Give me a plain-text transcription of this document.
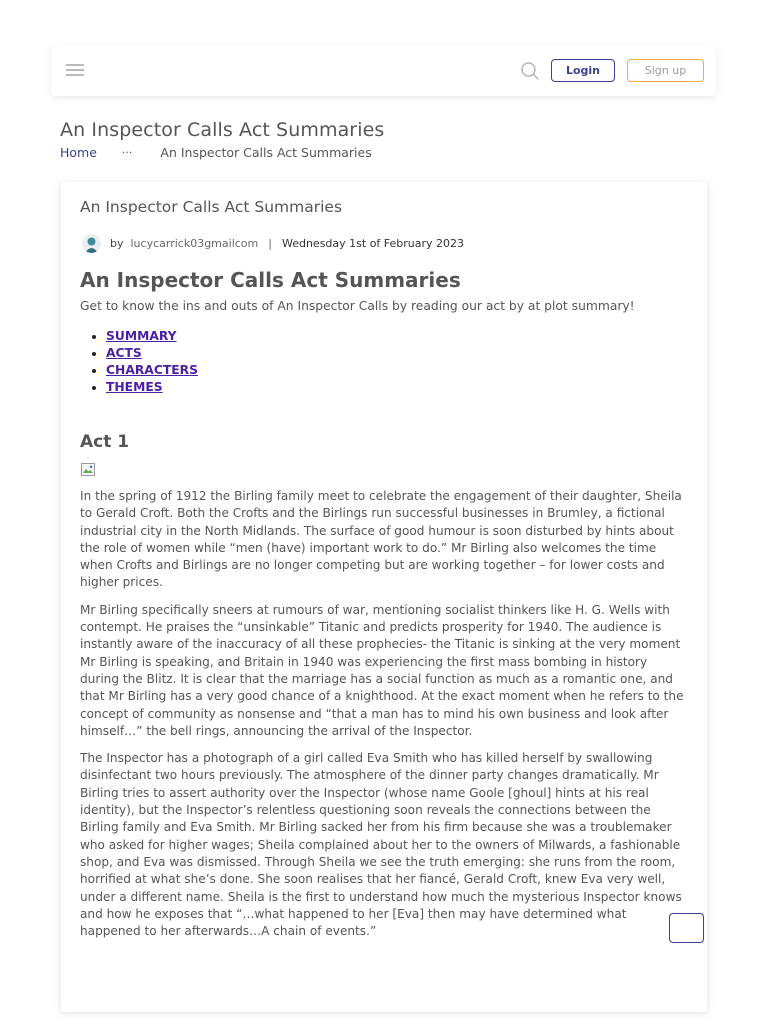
Login	Sign up
An Inspector Calls Act Summaries
Home ··· An Inspector Calls Act Summaries
An Inspector Calls Act Summaries
by lucycarrick03gmailcom | Wednesday 1st of February 2023
An Inspector Calls Act Summaries

Get to know the ins and outs of An Inspector Calls by reading our act by at plot summary!

• SUMMARY
• ACTS
• CHARACTERS
• THEMES
Act 1

In the spring of 1912 the Birling family meet to celebrate the engagement of their daughter, Sheila to Gerald Croft. Both the Crofts and the Birlings run successful businesses in Brumley, a fictional industrial city in the North Midlands. The surface of good humour is soon disturbed by hints about the role of women while “men (have) important work to do.” Mr Birling also welcomes the time when Crofts and Birlings are no longer competing but are working together – for lower costs and higher prices.

Mr Birling specifically sneers at rumours of war, mentioning socialist thinkers like H. G. Wells with contempt. He praises the “unsinkable” Titanic and predicts prosperity for 1940. The audience is instantly aware of the inaccuracy of all these prophecies- the Titanic is sinking at the very moment Mr Birling is speaking, and Britain in 1940 was experiencing the first mass bombing in history during the Blitz. It is clear that the marriage has a social function as much as a romantic one, and that Mr Birling has a very good chance of a knighthood. At the exact moment when he refers to the concept of community as nonsense and “that a man has to mind his own business and look after himself…” the bell rings, announcing the arrival of the Inspector.

The Inspector has a photograph of a girl called Eva Smith who has killed herself by swallowing disinfectant two hours previously. The atmosphere of the dinner party changes dramatically. Mr Birling tries to assert authority over the Inspector (whose name Goole [ghoul] hints at his real identity), but the Inspector’s relentless questioning soon reveals the connections between the Birling family and Eva Smith. Mr Birling sacked her from his firm because she was a troublemaker who asked for higher wages; Sheila complained about her to the owners of Milwards, a fashionable shop, and Eva was dismissed. Through Sheila we see the truth emerging: she runs from the room, horrified at what she’s done. She soon realises that her fiancé, Gerald Croft, knew Eva very well, under a different name. Sheila is the first to understand how much the mysterious Inspector knows and how he exposes that “…what happened to her [Eva] then may have determined what happened to her afterwards…A chain of events.”
